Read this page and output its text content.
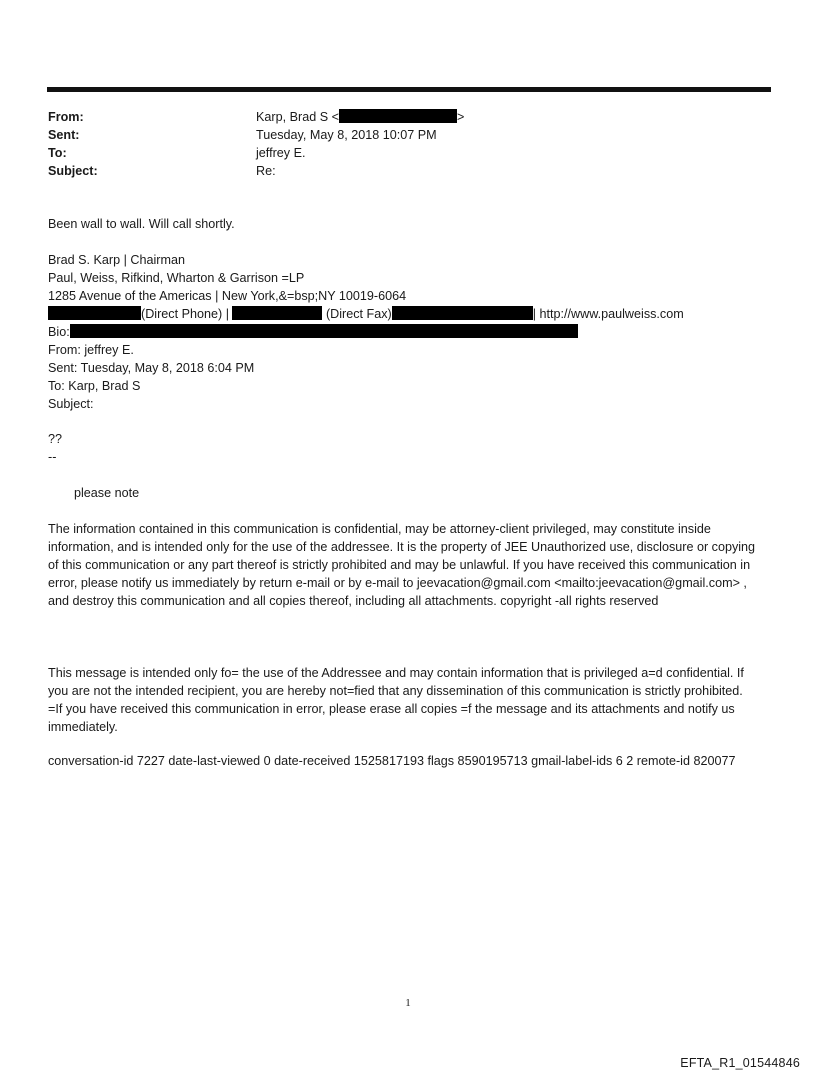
From:	Karp, Brad S <	>
Sent:	Tuesday, May 8, 2018 10:07 PM
To:	jeffrey E.
Subject:	Re:
Been wall to wall. Will call shortly.
Brad S. Karp | Chairman
Paul, Weiss, Rifkind, Wharton & Garrison =LP
1285 Avenue of the Americas | New York,&=bsp;NY 10019-6064
(Direct Phone) |	(Direct Fax)	| http://www.paulweiss.com
Bio:
From: jeffrey E.
Sent: Tuesday, May 8, 2018 6:04 PM
To: Karp, Brad S
Subject:
??
--
please note
The information contained in this communication is confidential, may be attorney-client privileged, may constitute inside information, and is intended only for the use of the addressee. It is the property of JEE Unauthorized use, disclosure or copying of this communication or any part thereof is strictly prohibited and may be unlawful. If you have received this communication in error, please notify us immediately by return e-mail or by e-mail to jeevacation@gmail.com <mailto:jeevacation@gmail.com> , and destroy this communication and all copies thereof, including all attachments. copyright -all rights reserved
This message is intended only fo= the use of the Addressee and may contain information that is privileged a=d confidential. If you are not the intended recipient, you are hereby not=fied that any dissemination of this communication is strictly prohibited. =If you have received this communication in error, please erase all copies =f the message and its attachments and notify us immediately.
conversation-id 7227 date-last-viewed 0 date-received 1525817193 flags 8590195713 gmail-label-ids 6 2 remote-id 820077
1
EFTA_R1_01544846
